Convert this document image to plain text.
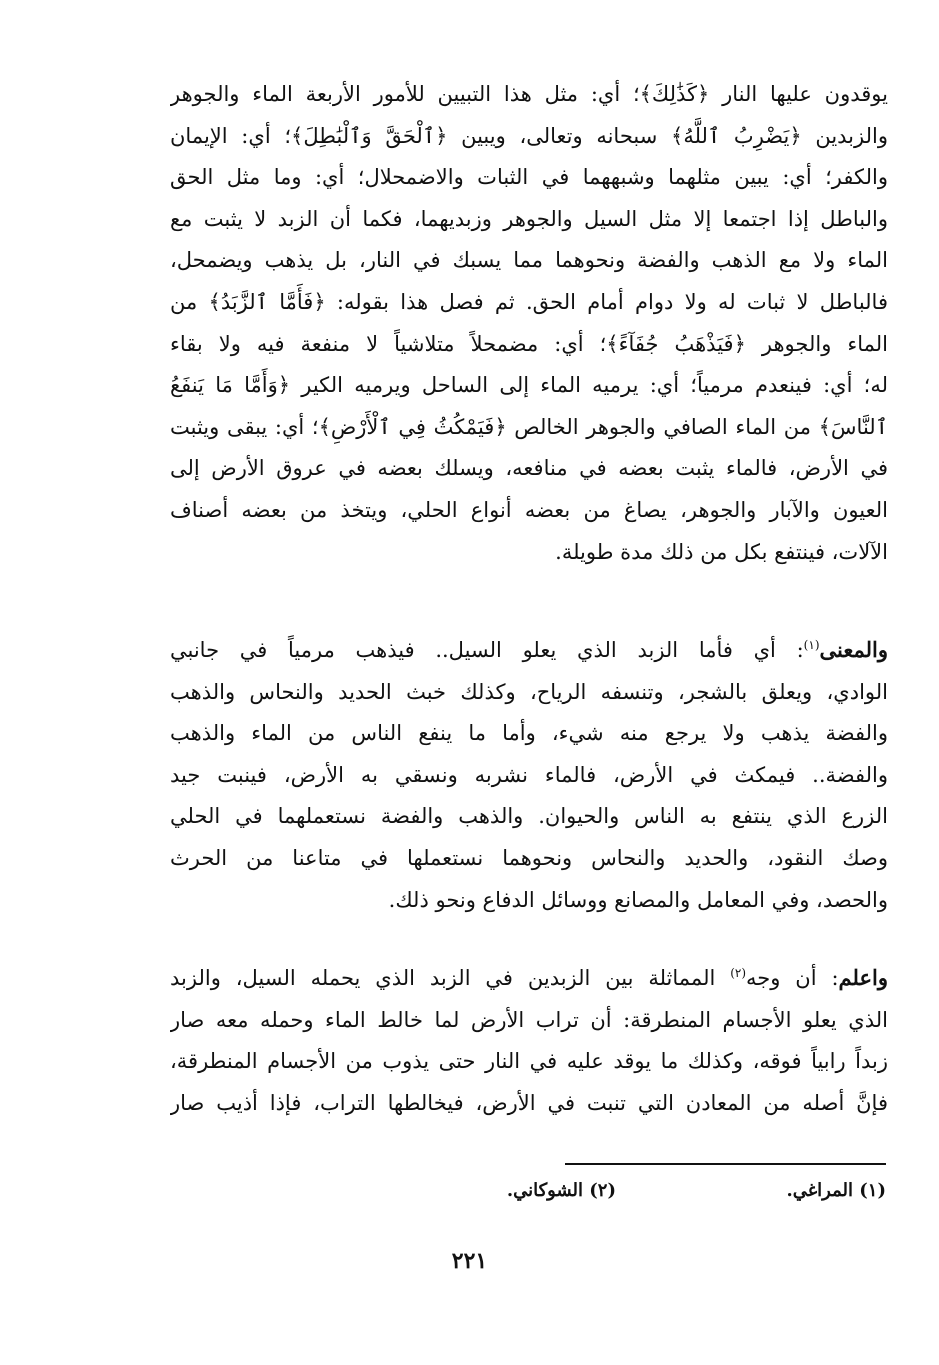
يوقدون عليها النار ﴿كَذَٰلِكَ﴾؛ أي: مثل هذا التبيين للأمور الأربعة الماء والجوهر
والزبدين ﴿يَضْرِبُ ٱللَّهُ﴾ سبحانه وتعالى، ويبين ﴿ٱلْحَقَّ وَٱلْبَٰطِلَ﴾؛ أي: الإيمان
والكفر؛ أي: يبين مثلهما وشبههما في الثبات والاضمحلال؛ أي: وما مثل الحق
والباطل إذا اجتمعا إلا مثل السيل والجوهر وزبديهما، فكما أن الزبد لا يثبت مع
الماء ولا مع الذهب والفضة ونحوهما مما يسبك في النار، بل يذهب ويضمحل،
فالباطل لا ثبات له ولا دوام أمام الحق. ثم فصل هذا بقوله: ﴿فَأَمَّا ٱلزَّبَدُ﴾ من
الماء والجوهر ﴿فَيَذْهَبُ جُفَآءً﴾؛ أي: مضمحلاً متلاشياً لا منفعة فيه ولا بقاء
له؛ أي: فينعدم مرمياً؛ أي: يرميه الماء إلى الساحل ويرميه الكير ﴿وَأَمَّا مَا يَنفَعُ
ٱلنَّاسَ﴾ من الماء الصافي والجوهر الخالص ﴿فَيَمْكُثُ فِي ٱلْأَرْضِ﴾؛ أي: يبقى ويثبت
في الأرض، فالماء يثبت بعضه في منافعه، ويسلك بعضه في عروق الأرض إلى
العيون والآبار والجوهر، يصاغ من بعضه أنواع الحلي، ويتخذ من بعضه أصناف
الآلات، فينتفع بكل من ذلك مدة طويلة.
والمعنى$^{(١)}$: أي فأما الزبد الذي يعلو السيل.. فيذهب مرمياً في جانبي
الوادي، ويعلق بالشجر، وتنسفه الرياح، وكذلك خبث الحديد والنحاس والذهب
والفضة يذهب ولا يرجع منه شيء، وأما ما ينفع الناس من الماء والذهب
والفضة.. فيمكث في الأرض، فالماء نشربه ونسقي به الأرض، فينبت جيد
الزرع الذي ينتفع به الناس والحيوان. والذهب والفضة نستعملهما في الحلي
وصك النقود، والحديد والنحاس ونحوهما نستعملها في متاعنا من الحرث
والحصد، وفي المعامل والمصانع ووسائل الدفاع ونحو ذلك.
واعلم: أن وجه$^{(٢)}$ المماثلة بين الزبدين في الزبد الذي يحمله السيل، والزبد
الذي يعلو الأجسام المنطرقة: أن تراب الأرض لما خالط الماء وحمله معه صار
زبداً رابياً فوقه، وكذلك ما يوقد عليه في النار حتى يذوب من الأجسام المنطرقة،
فإنَّ أصله من المعادن التي تنبت في الأرض، فيخالطها التراب، فإذا أذيب صار
(١) المراغي.
(٢) الشوكاني.
٢٢١
